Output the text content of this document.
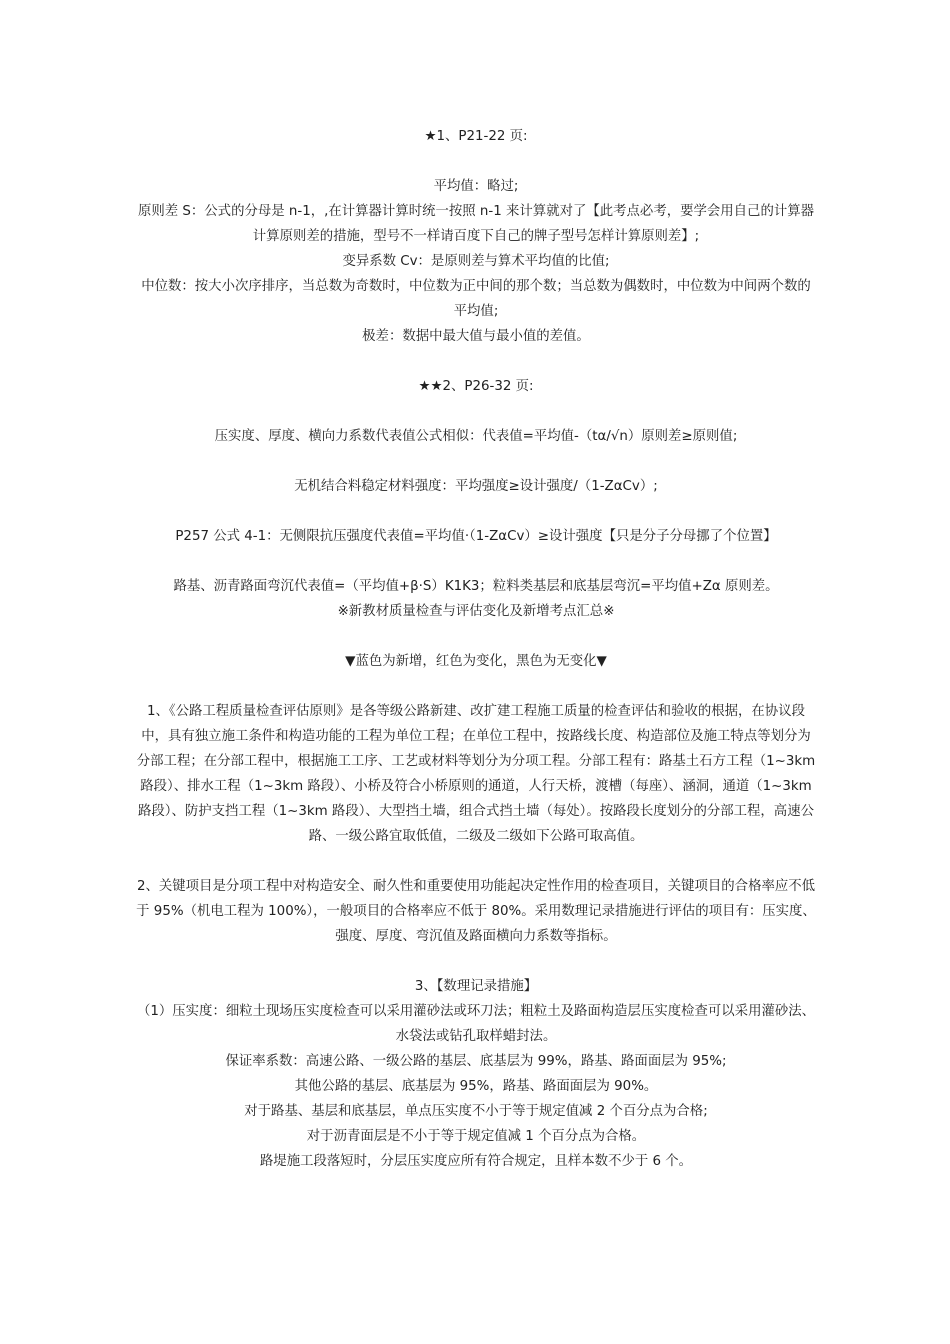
★1、P21-22 页:

平均值：略过;

原则差 S：公式的分母是 n-1，,在计算器计算时统一按照 n-1 来计算就对了【此考点必考，要学会用自己的计算器计算原则差的措施，型号不一样请百度下自己的牌子型号怎样计算原则差】;

变异系数 Cv：是原则差与算术平均值的比值;

中位数：按大小次序排序，当总数为奇数时，中位数为正中间的那个数；当总数为偶数时，中位数为中间两个数的平均值;

极差：数据中最大值与最小值的差值。

★★2、P26-32 页:

压实度、厚度、横向力系数代表值公式相似：代表值=平均值-（tα/√n）原则差≥原则值;

无机结合料稳定材料强度：平均强度≥设计强度/（1-ZαCv）;

P257 公式 4-1：无侧限抗压强度代表值=平均值·（1-ZαCv）≥设计强度【只是分子分母挪了个位置】

路基、沥青路面弯沉代表值=（平均值+β·S）K1K3；粒料类基层和底基层弯沉=平均值+Zα 原则差。

※新教材质量检查与评估变化及新增考点汇总※

▼蓝色为新增，红色为变化，黑色为无变化▼

1、《公路工程质量检查评估原则》是各等级公路新建、改扩建工程施工质量的检查评估和验收的根据，在协议段中，具有独立施工条件和构造功能的工程为单位工程；在单位工程中，按路线长度、构造部位及施工特点等划分为分部工程；在分部工程中，根据施工工序、工艺或材料等划分为分项工程。分部工程有：路基土石方工程（1~3km 路段）、排水工程（1~3km 路段）、小桥及符合小桥原则的通道，人行天桥，渡槽（每座）、涵洞，通道（1~3km 路段）、防护支挡工程（1~3km 路段）、大型挡土墙，组合式挡土墙（每处）。按路段长度划分的分部工程，高速公路、一级公路宜取低值，二级及二级如下公路可取高值。

2、关键项目是分项工程中对构造安全、耐久性和重要使用功能起决定性作用的检查项目，关键项目的合格率应不低于 95%（机电工程为 100%），一般项目的合格率应不低于 80%。采用数理记录措施进行评估的项目有：压实度、强度、厚度、弯沉值及路面横向力系数等指标。

3、【数理记录措施】

（1）压实度：细粒土现场压实度检查可以采用灌砂法或环刀法；粗粒土及路面构造层压实度检查可以采用灌砂法、水袋法或钻孔取样蜡封法。

保证率系数：高速公路、一级公路的基层、底基层为 99%，路基、路面面层为 95%;

其他公路的基层、底基层为 95%，路基、路面面层为 90%。

对于路基、基层和底基层，单点压实度不小于等于规定值减 2 个百分点为合格;

对于沥青面层是不小于等于规定值减 1 个百分点为合格。

路堤施工段落短时，分层压实度应所有符合规定，且样本数不少于 6 个。
